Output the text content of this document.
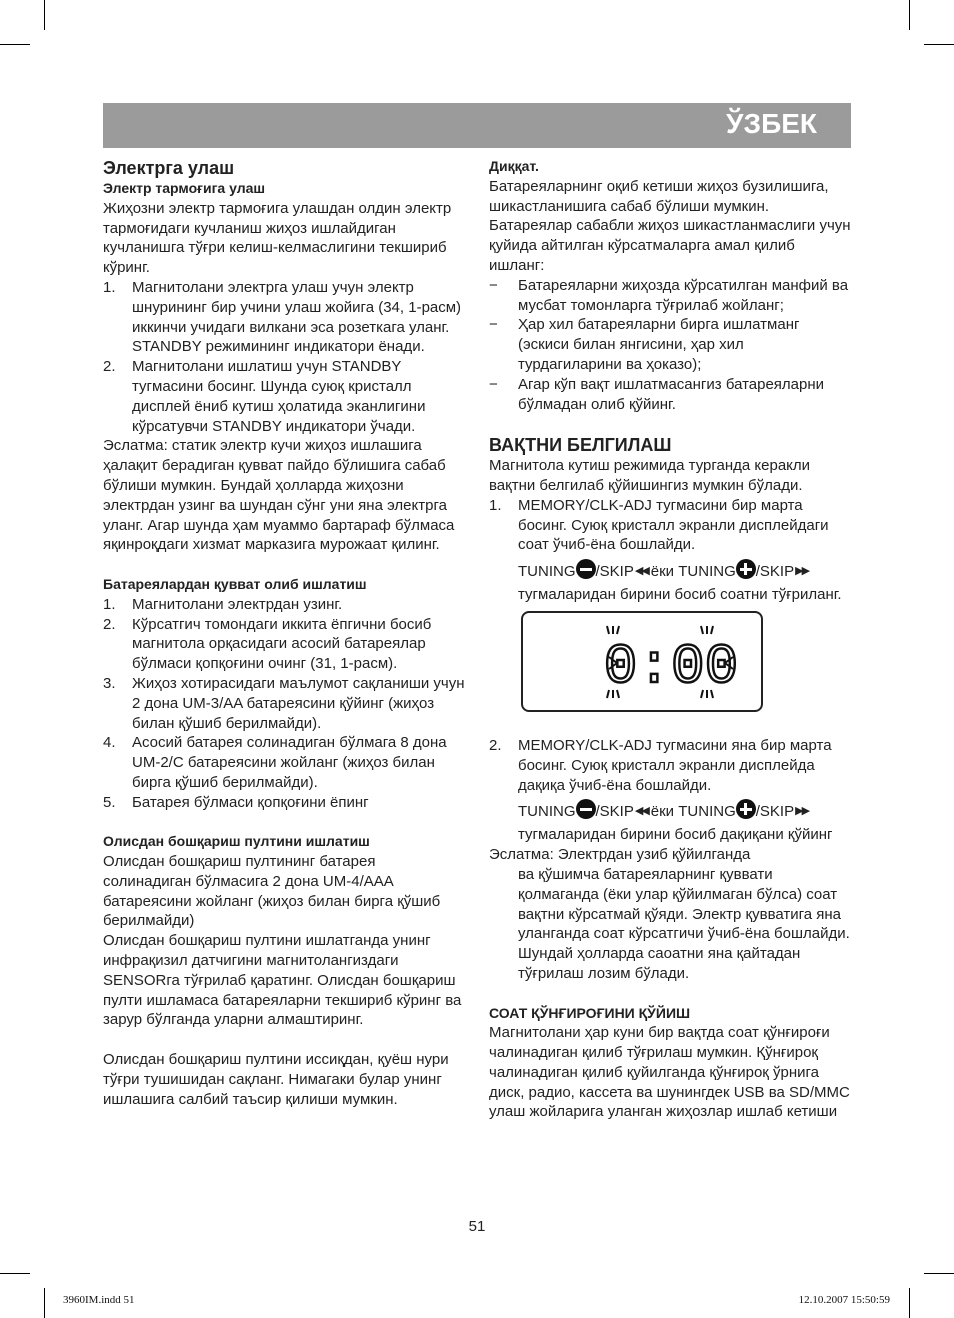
ЎЗБЕК

Электрга улаш

Электр тармоғига улаш

Жиҳозни электр тармоғига улашдан олдин электр тармоғидаги кучланиш жиҳоз ишлайдиган кучланишга тўғри келиш-келмаслигини текшириб кўринг.

1.	Магнитолани электрга улаш учун электр шнурининг бир учини улаш жойига (34, 1-расм) иккинчи учидаги вилкани эса розеткага уланг. STANDBY режимининг индикатори ёнади.
2.	Магнитолани ишлатиш учун STANDBY тугмасини босинг. Шунда суюқ кристалл дисплей ёниб кутиш ҳолатида эканлигини кўрсатувчи STANDBY индикатори ўчади.

Эслатма: статик электр кучи жиҳоз ишлашига ҳалақит берадиган қувват пайдо бўлишига сабаб бўлиши мумкин. Бундай ҳолларда жиҳозни электрдан узинг ва шундан сўнг уни яна электрга уланг. Агар шунда ҳам муаммо бартараф бўлмаса яқинроқдаги хизмат марказига мурожаат қилинг.

Батареялардан қувват олиб ишлатиш

1.	Магнитолани электрдан узинг.
2.	Кўрсатгич томондаги иккита ёпгични босиб магнитола орқасидаги асосий батареялар бўлмаси қопқоғини очинг (31, 1-расм).
3.	Жиҳоз хотирасидаги маълумот сақланиши учун 2 дона UM-3/AA батареясини қўйинг (жиҳоз билан қўшиб берилмайди).
4.	Асосий батарея солинадиган бўлмага 8 дона UM-2/C батареясини жойланг (жиҳоз билан бирга қўшиб берилмайди).
5.	Батарея бўлмаси қопқоғини ёпинг

Олисдан бошқариш пултини ишлатиш

Олисдан бошқариш пултининг батарея солинадиган бўлмасига 2 дона UM-4/AAA батареясини жойланг (жиҳоз билан бирга қўшиб берилмайди)

Олисдан бошқариш пултини ишлатганда унинг инфрақизил датчигини магнитолангиздаги SENSORга тўғрилаб қаратинг. Олисдан бошқариш пулти ишламаса батареяларни текшириб кўринг ва зарур бўлганда уларни алмаштиринг.

Олисдан бошқариш пултини иссиқдан, қуёш нури тўғри тушишидан сақланг. Нимагаки булар унинг ишлашига салбий таъсир қилиши мумкин.

Диққат.

Батареяларнинг оқиб кетиши жиҳоз бузилишига, шикастланишига сабаб бўлиши мумкин. Батареялар сабабли жиҳоз шикастланмаслиги учун қуйида айтилган кўрсатмаларга амал қилиб ишланг:

−	Батареяларни жиҳозда кўрсатилган манфий ва мусбат томонларга тўғрилаб жойланг;
−	Ҳар хил батареяларни бирга ишлатманг (эскиси билан янгисини, ҳар хил турдагиларини ва ҳоказо);
−	Агар кўп вақт ишлатмасангиз батареяларни бўлмадан олиб қўйинг.

ВАҚТНИ БЕЛГИЛАШ

Магнитола кутиш режимида турганда керакли вақтни белгилаб қўйишингиз мумкин бўлади.

1.	MEMORY/CLK-ADJ тугмасини бир марта босинг. Суюқ кристалл экранли дисплейдаги соат ўчиб-ёна бошлайди.
TUNING /SKIP ◀◀ ёки
TUNING /SKIP ▶▶

тугмаларидан бирини босиб соатни тўғриланг.

0:00
2.	MEMORY/CLK-ADJ тугмасини яна бир марта босинг. Суюқ кристалл экранли дисплейда дақиқа ўчиб-ёна бошлайди.
TUNING /SKIP ◀◀ ёки
TUNING /SKIP ▶▶

тугмаларидан бирини босиб дақиқани қўйинг

Эслатма: Электрдан узиб қўйилганда

ва қўшимча батареяларнинг қуввати қолмаганда (ёки улар қўйилмаган бўлса) соат вақтни кўрсатмай қўяди. Электр қувватига яна уланганда соат кўрсатгичи ўчиб-ёна бошлайди. Шундай ҳолларда саоатни яна қайтадан тўғрилаш лозим бўлади.

СОАТ ҚЎНҒИРОҒИНИ ҚЎЙИШ

Магнитолани ҳар куни бир вақтда соат қўнғироғи чалинадиган қилиб тўғрилаш мумкин. Қўнғироқ чалинадиган қилиб қуйилганда қўнғироқ ўрнига диск, радио, кассета ва шунингдек USB ва SD/MMC улаш жойларига уланган жиҳозлар ишлаб кетиши

51
3960IM.indd 51	12.10.2007 15:50:59
